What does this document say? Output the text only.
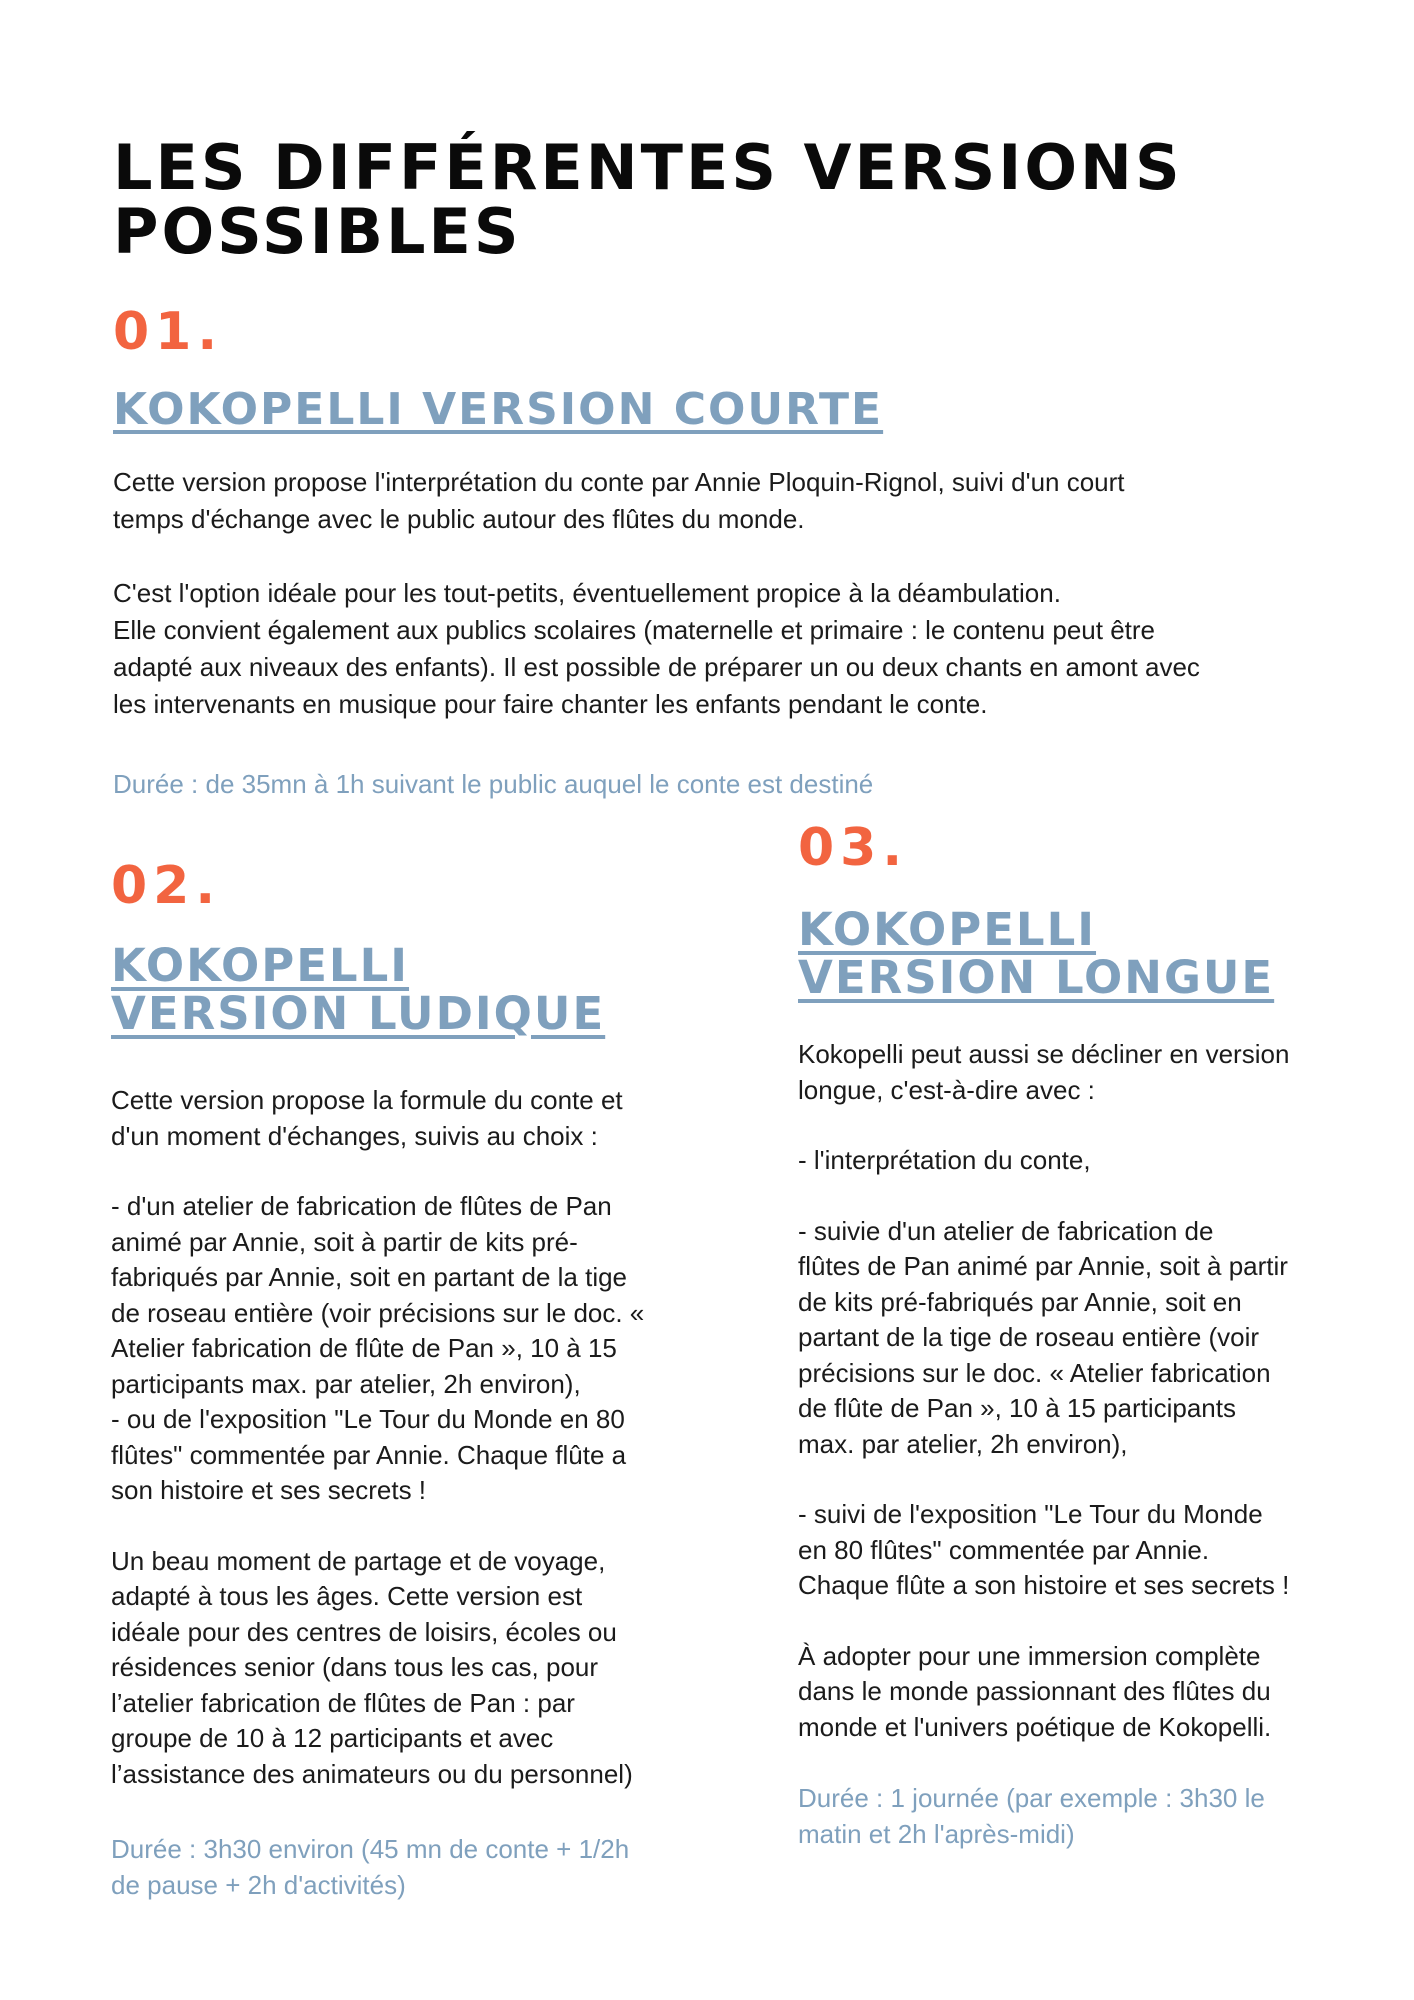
LES DIFFÉRENTES VERSIONS
POSSIBLES
01.
KOKOPELLI VERSION COURTE

Cette version propose l'interprétation du conte par Annie Ploquin-Rignol, suivi d'un court
temps d'échange avec le public autour des flûtes du monde.

C'est l'option idéale pour les tout-petits, éventuellement propice à la déambulation.
Elle convient également aux publics scolaires (maternelle et primaire : le contenu peut être
adapté aux niveaux des enfants). Il est possible de préparer un ou deux chants en amont avec
les intervenants en musique pour faire chanter les enfants pendant le conte.

Durée : de 35mn à 1h suivant le public auquel le conte est destiné
02.
KOKOPELLI
VERSION LUDIQUE

Cette version propose la formule du conte et
d'un moment d'échanges, suivis au choix :

- d'un atelier de fabrication de flûtes de Pan
animé par Annie, soit à partir de kits pré-
fabriqués par Annie, soit en partant de la tige
de roseau entière (voir précisions sur le doc. «
Atelier fabrication de flûte de Pan », 10 à 15
participants max. par atelier, 2h environ),
- ou de l'exposition "Le Tour du Monde en 80
flûtes" commentée par Annie. Chaque flûte a
son histoire et ses secrets !

Un beau moment de partage et de voyage,
adapté à tous les âges. Cette version est
idéale pour des centres de loisirs, écoles ou
résidences senior (dans tous les cas, pour
l’atelier fabrication de flûtes de Pan : par
groupe de 10 à 12 participants et avec
l’assistance des animateurs ou du personnel)

Durée : 3h30 environ (45 mn de conte + 1/2h
de pause + 2h d'activités)
03.
KOKOPELLI
VERSION LONGUE

Kokopelli peut aussi se décliner en version
longue, c'est-à-dire avec :

- l'interprétation du conte,

- suivie d'un atelier de fabrication de
flûtes de Pan animé par Annie, soit à partir
de kits pré-fabriqués par Annie, soit en
partant de la tige de roseau entière (voir
précisions sur le doc. « Atelier fabrication
de flûte de Pan », 10 à 15 participants
max. par atelier, 2h environ),

- suivi de l'exposition "Le Tour du Monde
en 80 flûtes" commentée par Annie.
Chaque flûte a son histoire et ses secrets !

À adopter pour une immersion complète
dans le monde passionnant des flûtes du
monde et l'univers poétique de Kokopelli.

Durée : 1 journée (par exemple : 3h30 le
matin et 2h l'après-midi)
